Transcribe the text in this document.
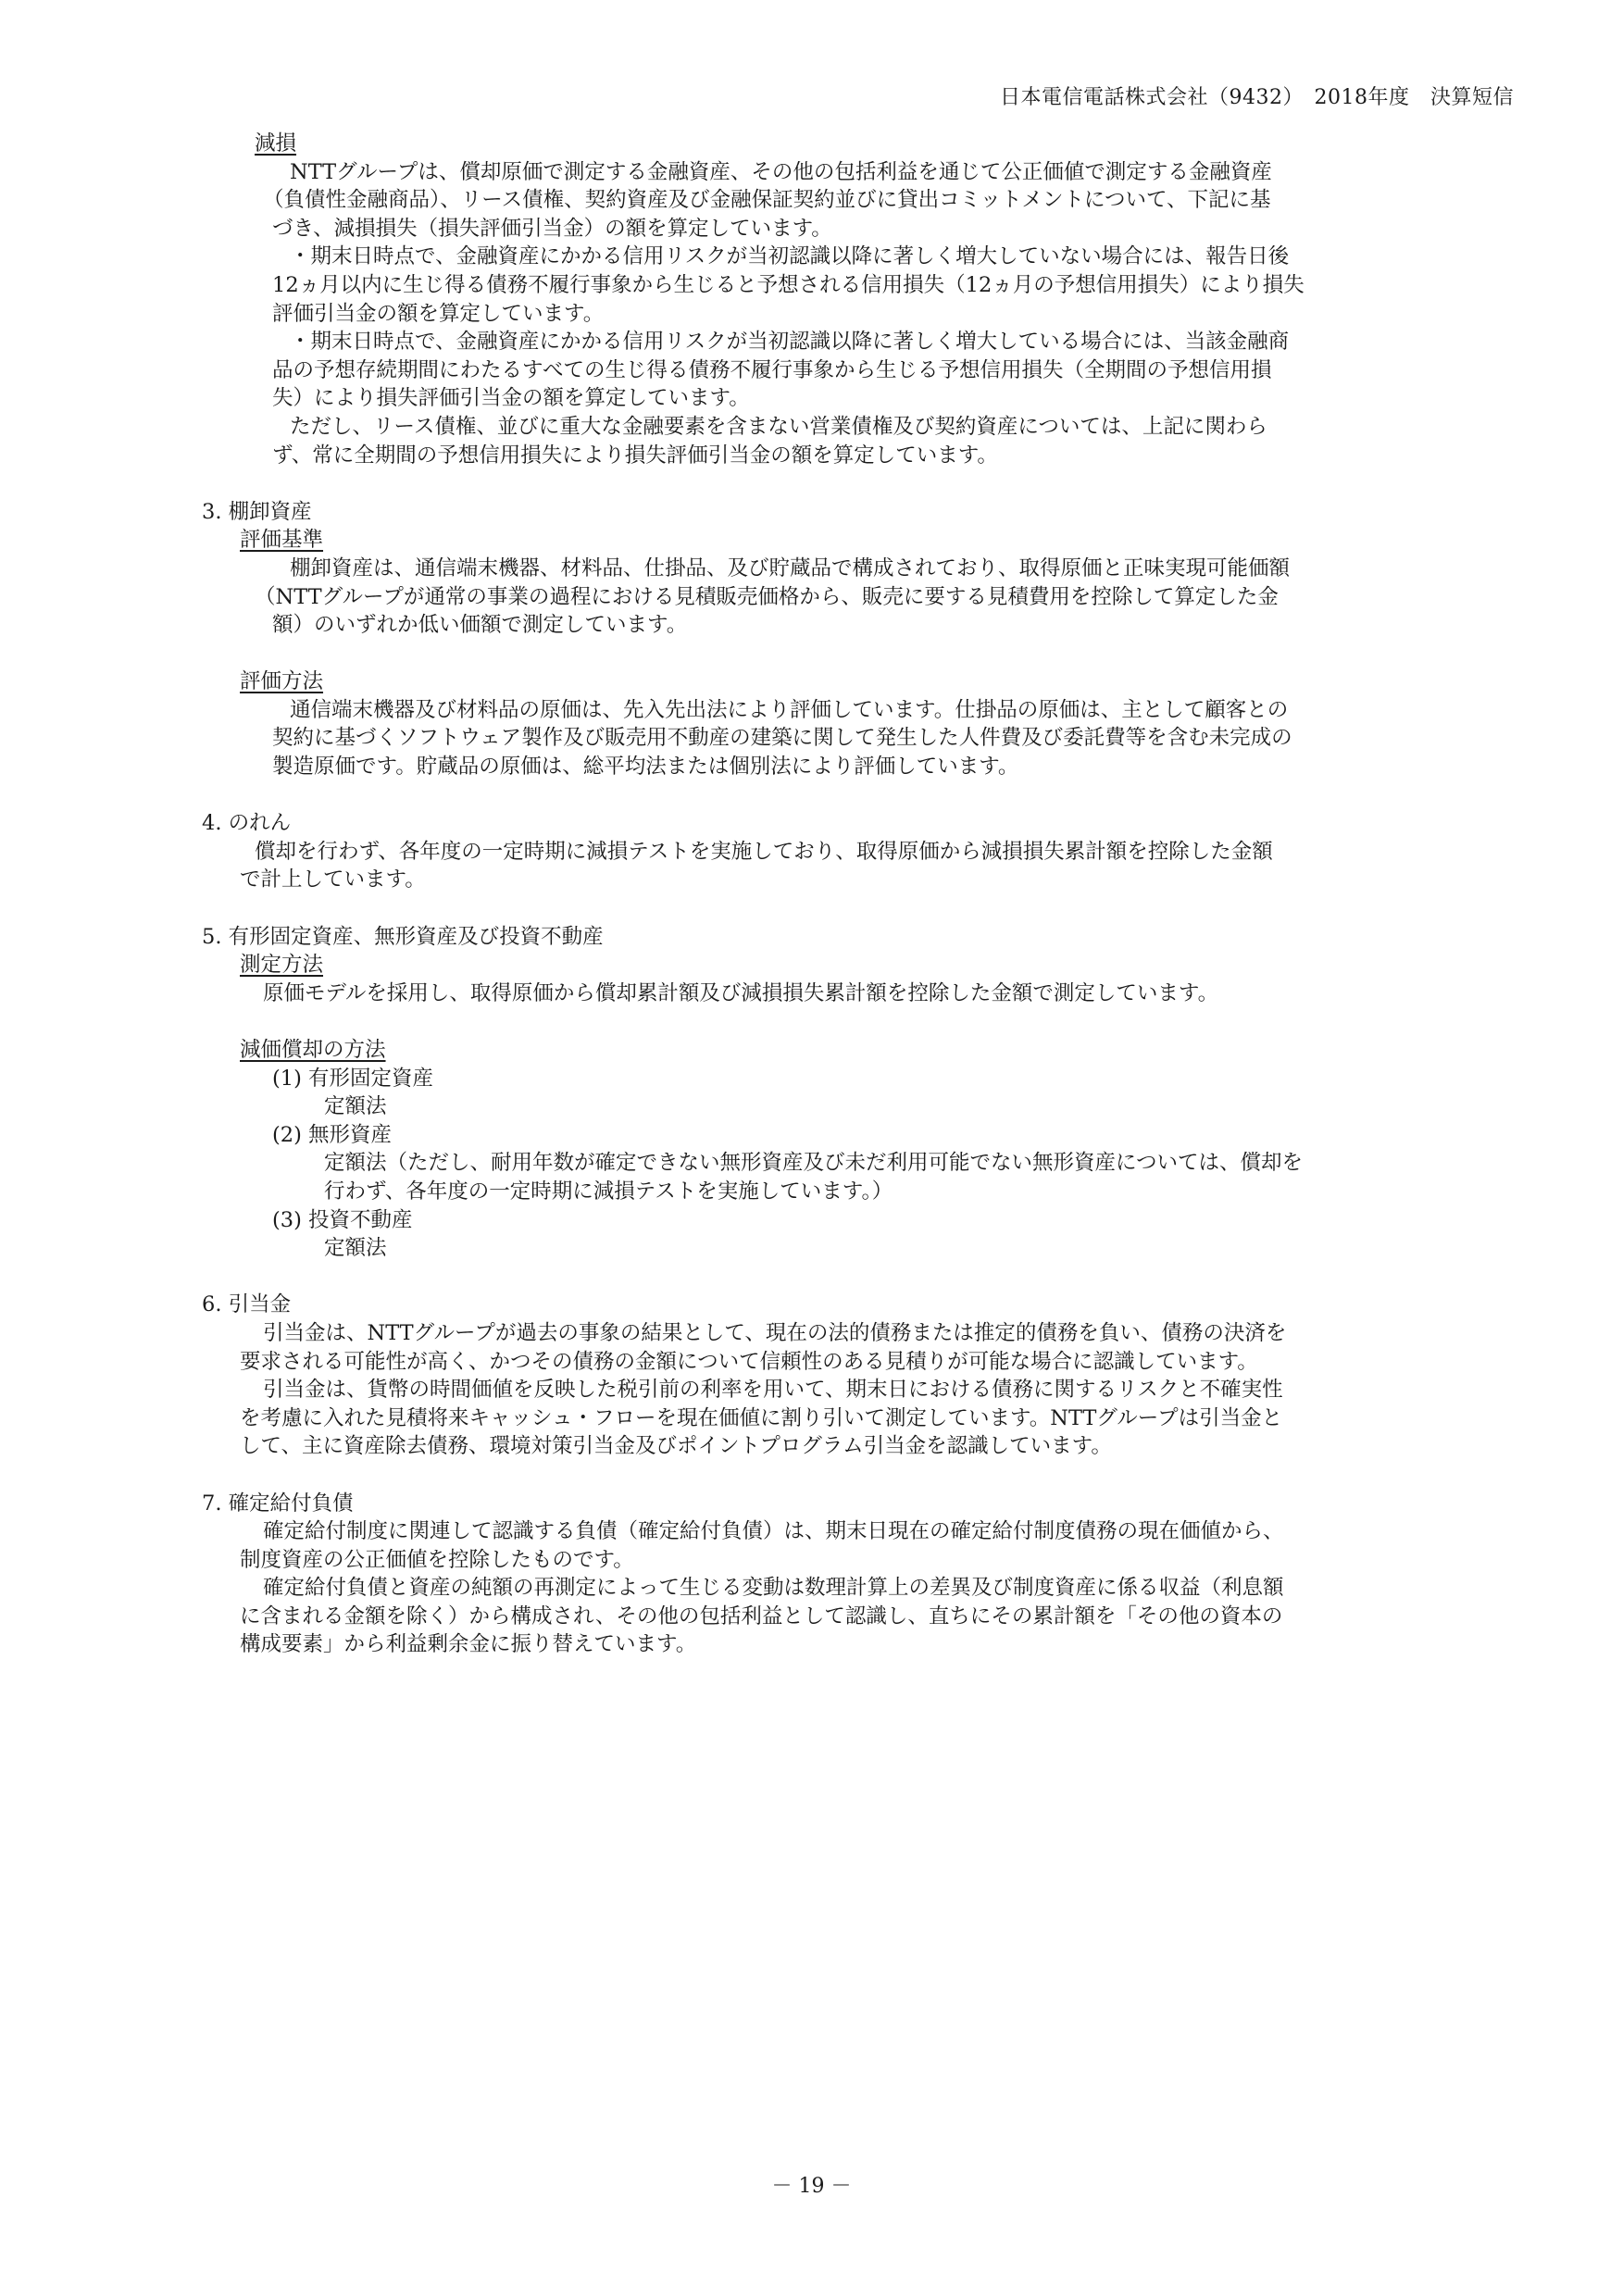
日本電信電話株式会社（9432）　 2018年度　決算短信
減損
NTTグループは、償却原価で測定する金融資産、その他の包括利益を通じて公正価値で測定する金融資産
（負債性金融商品）、リース債権、契約資産及び金融保証契約並びに貸出コミットメントについて、下記に基
づき、減損損失（損失評価引当金）の額を算定しています。
・期末日時点で、金融資産にかかる信用リスクが当初認識以降に著しく増大していない場合には、報告日後
12ヵ月以内に生じ得る債務不履行事象から生じると予想される信用損失（12ヵ月の予想信用損失）により損失
評価引当金の額を算定しています。
・期末日時点で、金融資産にかかる信用リスクが当初認識以降に著しく増大している場合には、当該金融商
品の予想存続期間にわたるすべての生じ得る債務不履行事象から生じる予想信用損失（全期間の予想信用損
失）により損失評価引当金の額を算定しています。
ただし、リース債権、並びに重大な金融要素を含まない営業債権及び契約資産については、上記に関わら
ず、常に全期間の予想信用損失により損失評価引当金の額を算定しています。
3. 棚卸資産
評価基準
棚卸資産は、通信端末機器、材料品、仕掛品、及び貯蔵品で構成されており、取得原価と正味実現可能価額
（NTTグループが通常の事業の過程における見積販売価格から、販売に要する見積費用を控除して算定した金
額）のいずれか低い価額で測定しています。
評価方法
通信端末機器及び材料品の原価は、先入先出法により評価しています。仕掛品の原価は、主として顧客との
契約に基づくソフトウェア製作及び販売用不動産の建築に関して発生した人件費及び委託費等を含む未完成の
製造原価です。貯蔵品の原価は、総平均法または個別法により評価しています。
4. のれん
償却を行わず、各年度の一定時期に減損テストを実施しており、取得原価から減損損失累計額を控除した金額
で計上しています。
5. 有形固定資産、無形資産及び投資不動産
測定方法
原価モデルを採用し、取得原価から償却累計額及び減損損失累計額を控除した金額で測定しています。
減価償却の方法
(1) 有形固定資産
定額法
(2) 無形資産
定額法（ただし、耐用年数が確定できない無形資産及び未だ利用可能でない無形資産については、償却を
行わず、各年度の一定時期に減損テストを実施しています。）
(3) 投資不動産
定額法
6. 引当金
引当金は、NTTグループが過去の事象の結果として、現在の法的債務または推定的債務を負い、債務の決済を
要求される可能性が高く、かつその債務の金額について信頼性のある見積りが可能な場合に認識しています。
引当金は、貨幣の時間価値を反映した税引前の利率を用いて、期末日における債務に関するリスクと不確実性
を考慮に入れた見積将来キャッシュ・フローを現在価値に割り引いて測定しています。NTTグループは引当金と
して、主に資産除去債務、環境対策引当金及びポイントプログラム引当金を認識しています。
7. 確定給付負債
確定給付制度に関連して認識する負債（確定給付負債）は、期末日現在の確定給付制度債務の現在価値から、
制度資産の公正価値を控除したものです。
確定給付負債と資産の純額の再測定によって生じる変動は数理計算上の差異及び制度資産に係る収益（利息額
に含まれる金額を除く）から構成され、その他の包括利益として認識し、直ちにその累計額を「その他の資本の
構成要素」から利益剰余金に振り替えています。
－ 19 －
